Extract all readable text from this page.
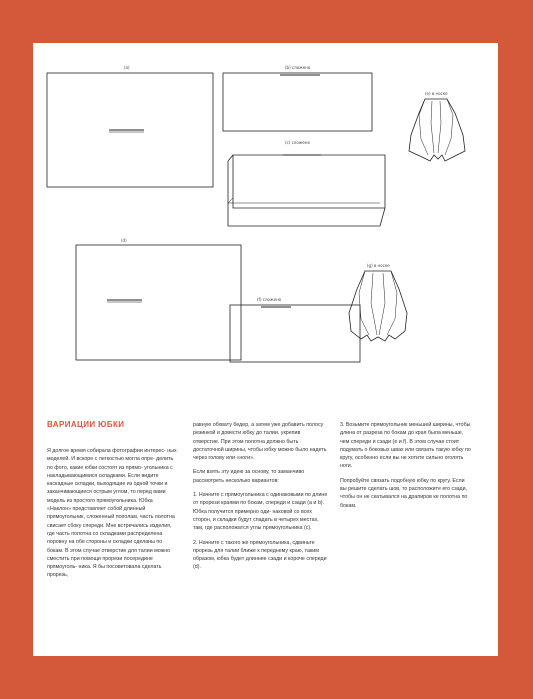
(a)	(b) сложено
(e) в носке
(c) сложено
(d)
(f) сложено
(g) в носке
ВАРИАЦИИ ЮБКИ

Я долгое время собирала фотографии интерес- ных моделей. И вскоре с легкостью могла опре- делить по фото, какие юбки состоят из прямо- угольника с накладывающимися складками. Если видите каскадные складки, выходящие из одной точки и заканчивающиеся острым углом, то перед вами модель из простого прямоугольника. Юбка «Наклон» представляет собой длинный прямоугольник, сложенный пополам, часть полотна свисает сбоку спереди. Мне встречались изделия, где часть полотна со складками распределена поровну на обе стороны и складки сделаны по бокам. В этом случае отверстие для талии можно сместить при помощи прорези посередине прямоуголь- ника. Я бы посоветовала сделать прорезь,

равную обхвату бедер, а затем уже добавить полосу резинкой и довести юбку до талии, укрепив отверстие. При этом полотна должно быть достаточной ширины, чтобы юбку можно было надеть через голову или «ноги».

Если взять эту идею за основу, то заманчиво рассмотреть несколько вариантов:

1. Начните с прямоугольника с одинаковыми по длине от прорези краями по бокам, спереди и сзади (a и b). Юбка получится примерно оди- наковой со всех сторон, и складки будут спадать в четырех местах, там, где расположатся углы прямоугольника (c).

2. Начните с такого же прямоугольника, сдвиньте прорезь для талии ближе к переднему краю, таким образом, юбка будет длиннее сзади и короче спереди (d).

3. Возьмите прямоугольник меньшей ширины, чтобы длина от разреза по бокам до края была меньше, чем спереди и сзади (e и f). В этом случае стоит подумать о боковых швах или связать такую юбку по кругу, особенно если вы не хотите сильно оголять ноги.

Попробуйте связать подобную юбку по кругу. Если вы решите сделать шов, то расположите его сзади, чтобы он не скатывался на драпиров ке полотна по бокам.
